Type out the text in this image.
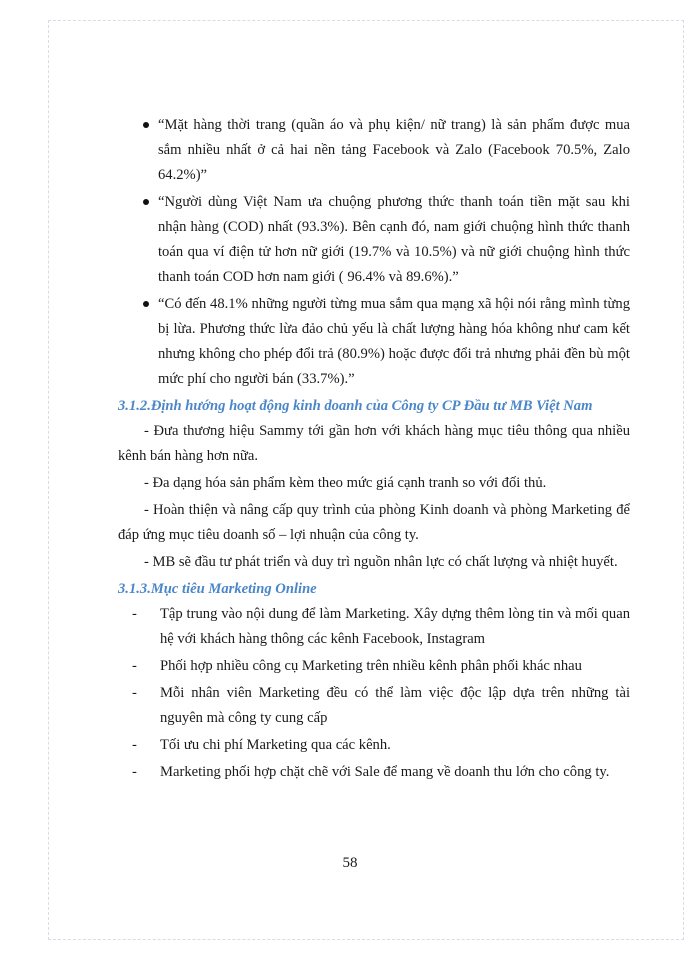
“Mặt hàng thời trang (quần áo và phụ kiện/ nữ trang) là sản phẩm được mua sắm nhiều nhất ở cả hai nền tảng Facebook và Zalo (Facebook 70.5%, Zalo 64.2%)”
“Người dùng Việt Nam ưa chuộng phương thức thanh toán tiền mặt sau khi nhận hàng (COD) nhất (93.3%). Bên cạnh đó, nam giới chuộng hình thức thanh toán qua ví điện tử hơn nữ giới (19.7% và 10.5%) và nữ giới chuộng hình thức thanh toán COD hơn nam giới ( 96.4% và 89.6%).”
“Có đến 48.1% những người từng mua sắm qua mạng xã hội nói rằng mình từng bị lừa. Phương thức lừa đảo chủ yếu là chất lượng hàng hóa không như cam kết nhưng không cho phép đổi trả (80.9%) hoặc được đổi trả nhưng phải đền bù một mức phí cho người bán (33.7%).”

3.1.2.Định hướng hoạt động kinh doanh của Công ty CP Đầu tư MB Việt Nam

- Đưa thương hiệu Sammy tới gần hơn với khách hàng mục tiêu thông qua nhiều kênh bán hàng hơn nữa.

- Đa dạng hóa sản phẩm kèm theo mức giá cạnh tranh so với đối thủ.

- Hoàn thiện và nâng cấp quy trình của phòng Kinh doanh và phòng Marketing để đáp ứng mục tiêu doanh số – lợi nhuận của công ty.

- MB sẽ đầu tư phát triển và duy trì nguồn nhân lực có chất lượng và nhiệt huyết.

3.1.3.Mục tiêu Marketing Online

- Tập trung vào nội dung để làm Marketing. Xây dựng thêm lòng tin và mối quan hệ với khách hàng thông các kênh Facebook, Instagram

- Phối hợp nhiều công cụ Marketing trên nhiều kênh phân phối khác nhau

- Mỗi nhân viên Marketing đều có thể làm việc độc lập dựa trên những tài nguyên mà công ty cung cấp

- Tối ưu chi phí Marketing qua các kênh.

- Marketing phối hợp chặt chẽ với Sale để mang về doanh thu lớn cho công ty.

58
